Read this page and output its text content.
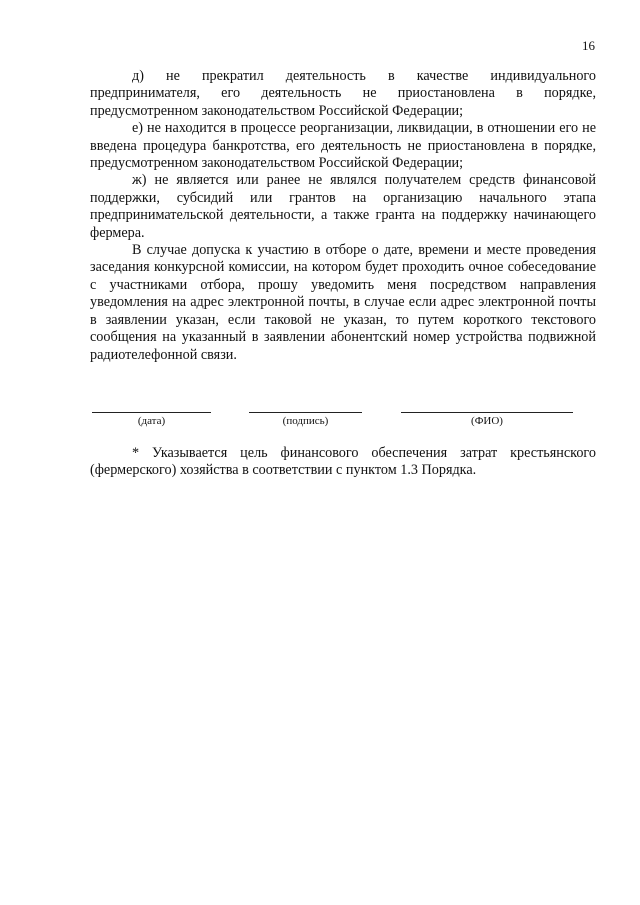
16

д) не прекратил деятельность в качестве индивидуального предпринимателя, его деятельность не приостановлена в порядке, предусмотренном законодательством Российской Федерации;

е) не находится в процессе реорганизации, ликвидации, в отношении его не введена процедура банкротства, его деятельность не приостановлена в порядке, предусмотренном законодательством Российской Федерации;

ж) не является или ранее не являлся получателем средств финансовой поддержки, субсидий или грантов на организацию начального этапа предпринимательской деятельности, а также гранта на поддержку начинающего фермера.

В случае допуска к участию в отборе о дате, времени и месте проведения заседания конкурсной комиссии, на котором будет проходить очное собеседование с участниками отбора, прошу уведомить меня посредством направления уведомления на адрес электронной почты, в случае если адрес электронной почты в заявлении указан, если таковой не указан, то путем короткого текстового сообщения на указанный в заявлении абонентский номер устройства подвижной радиотелефонной связи.

(дата)	(подпись)	(ФИО)

* Указывается цель финансового обеспечения затрат крестьянского (фермерского) хозяйства в соответствии с пунктом 1.3 Порядка.
